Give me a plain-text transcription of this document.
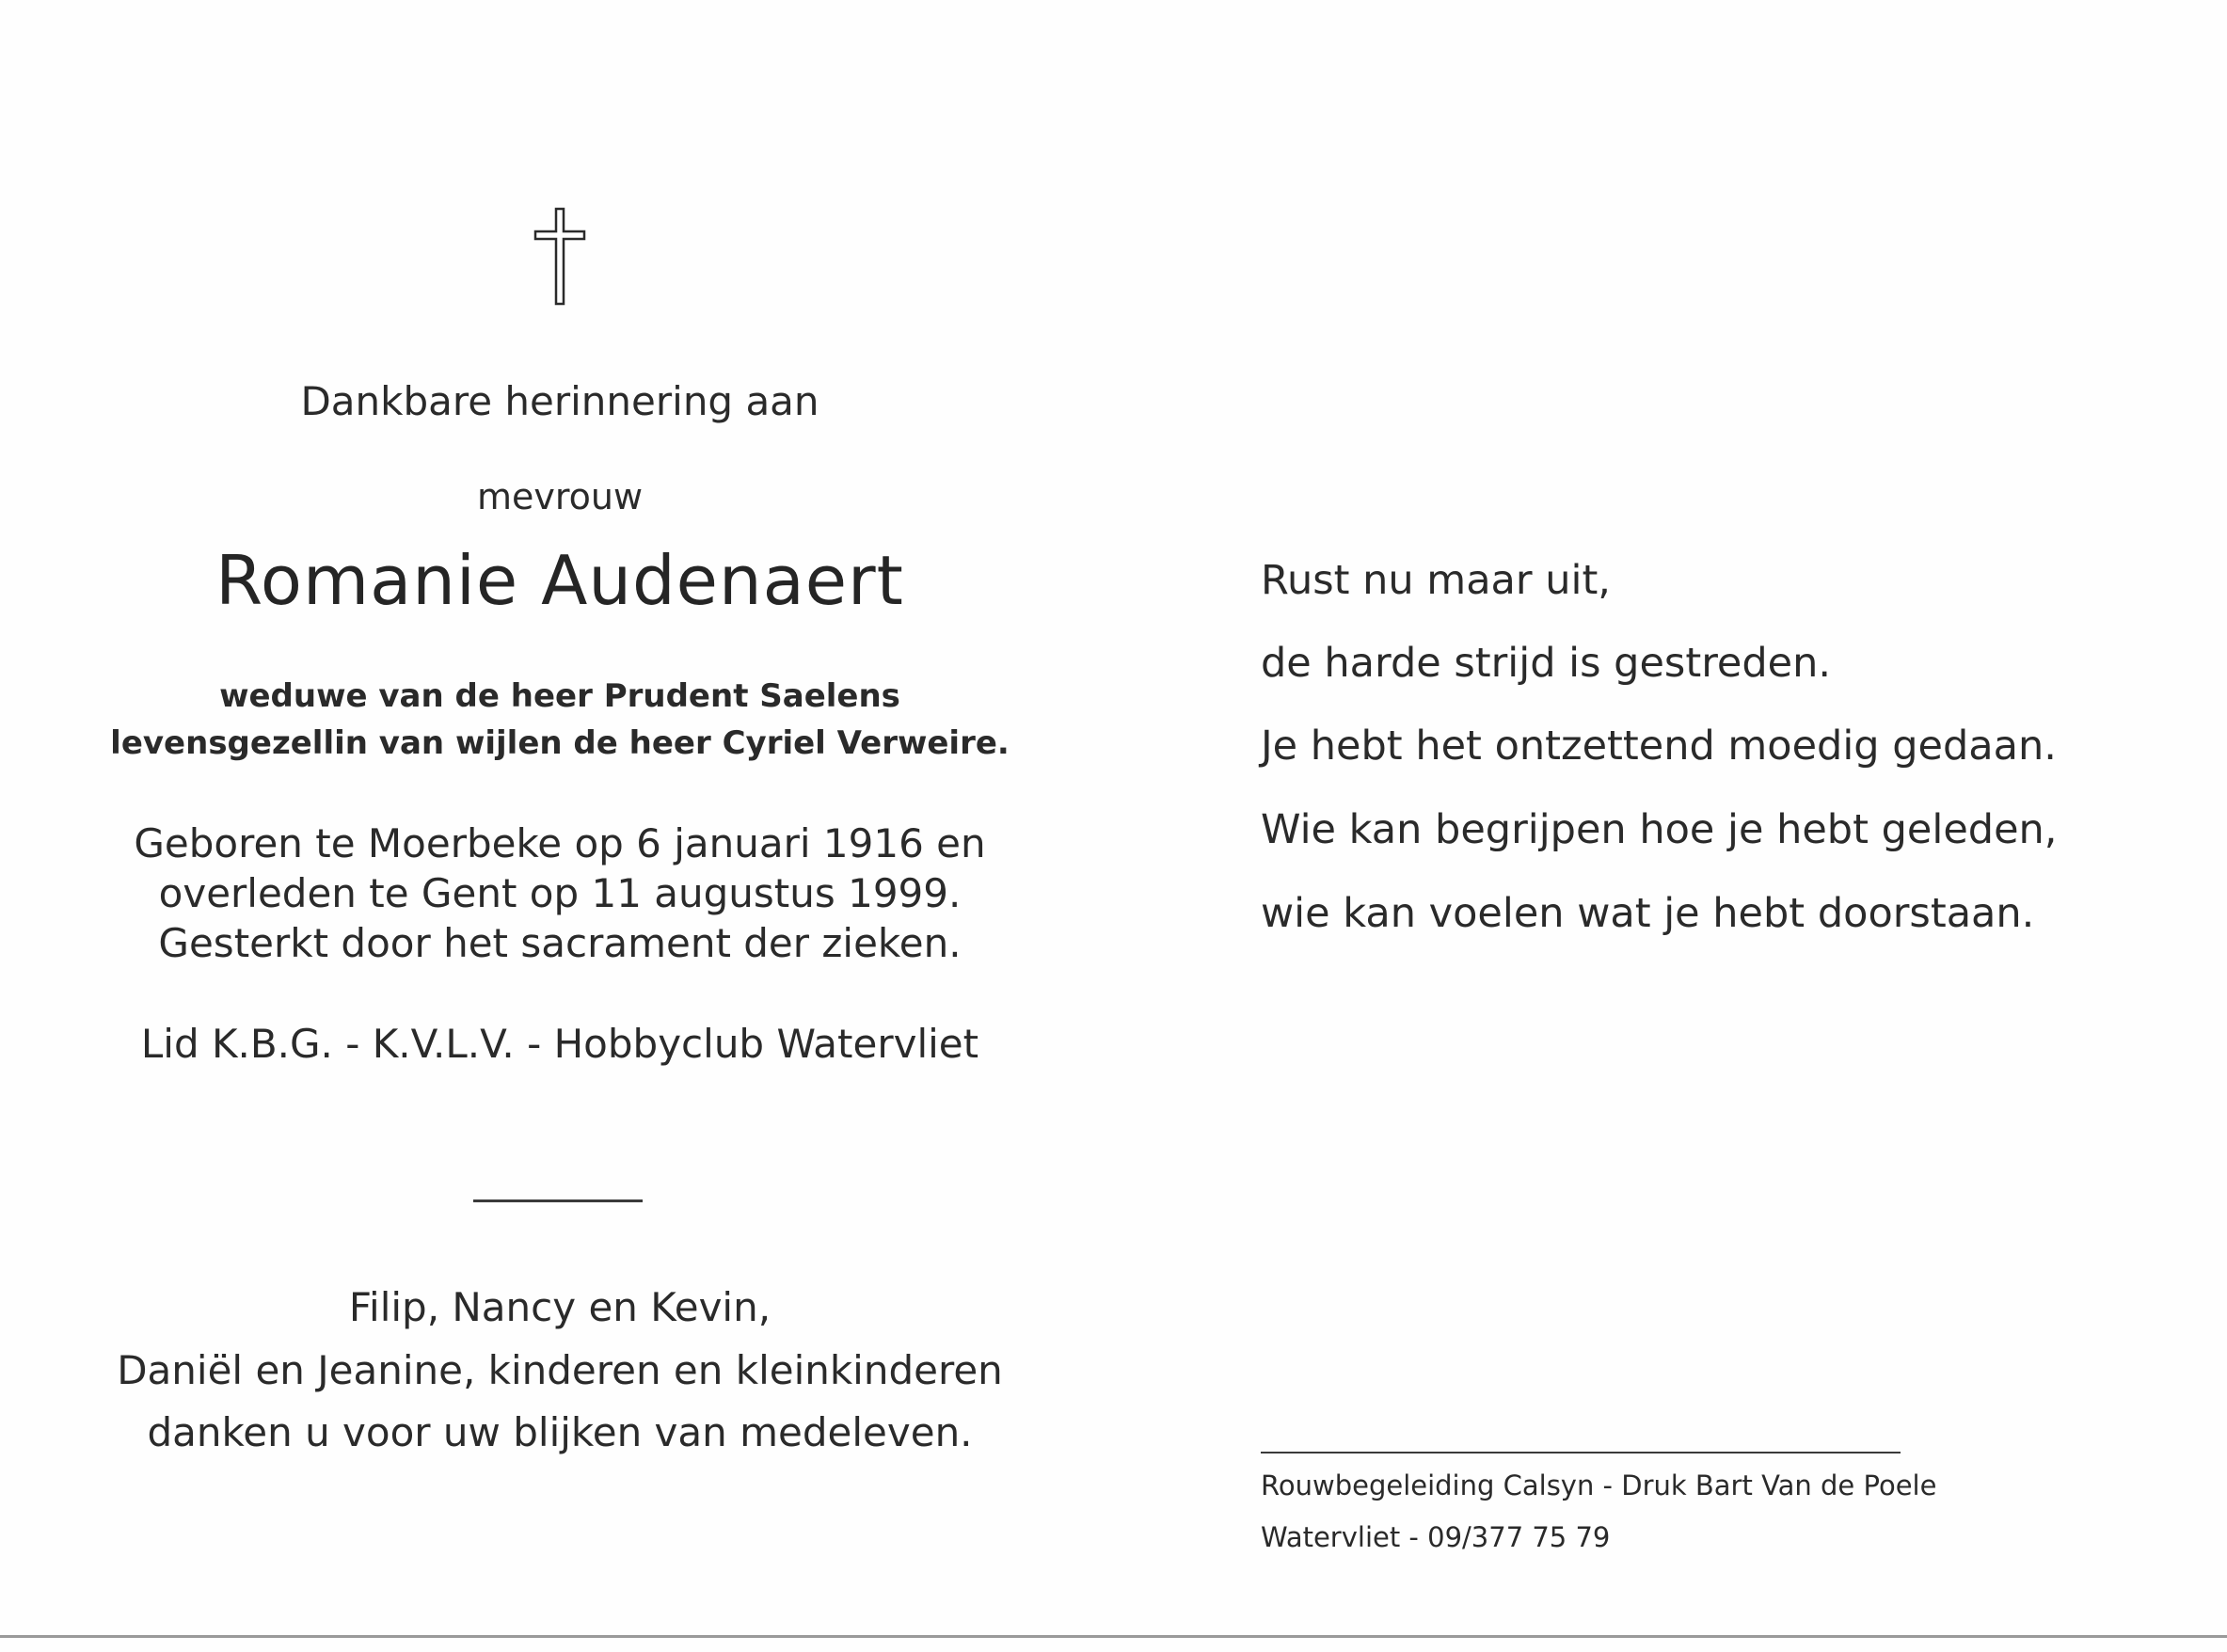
Dankbare herinnering aan
mevrouw
Romanie Audenaert
weduwe van de heer Prudent Saelens
levensgezellin van wijlen de heer Cyriel Verweire.
Geboren te Moerbeke op 6 januari 1916 en
overleden te Gent op 11 augustus 1999.
Gesterkt door het sacrament der zieken.
Lid K.B.G. - K.V.L.V. - Hobbyclub Watervliet
Filip, Nancy en Kevin,
Daniël en Jeanine, kinderen en kleinkinderen
danken u voor uw blijken van medeleven.
Rust nu maar uit,
de harde strijd is gestreden.
Je hebt het ontzettend moedig gedaan.
Wie kan begrijpen hoe je hebt geleden,
wie kan voelen wat je hebt doorstaan.
Rouwbegeleiding Calsyn - Druk Bart Van de Poele
Watervliet - 09/377 75 79
